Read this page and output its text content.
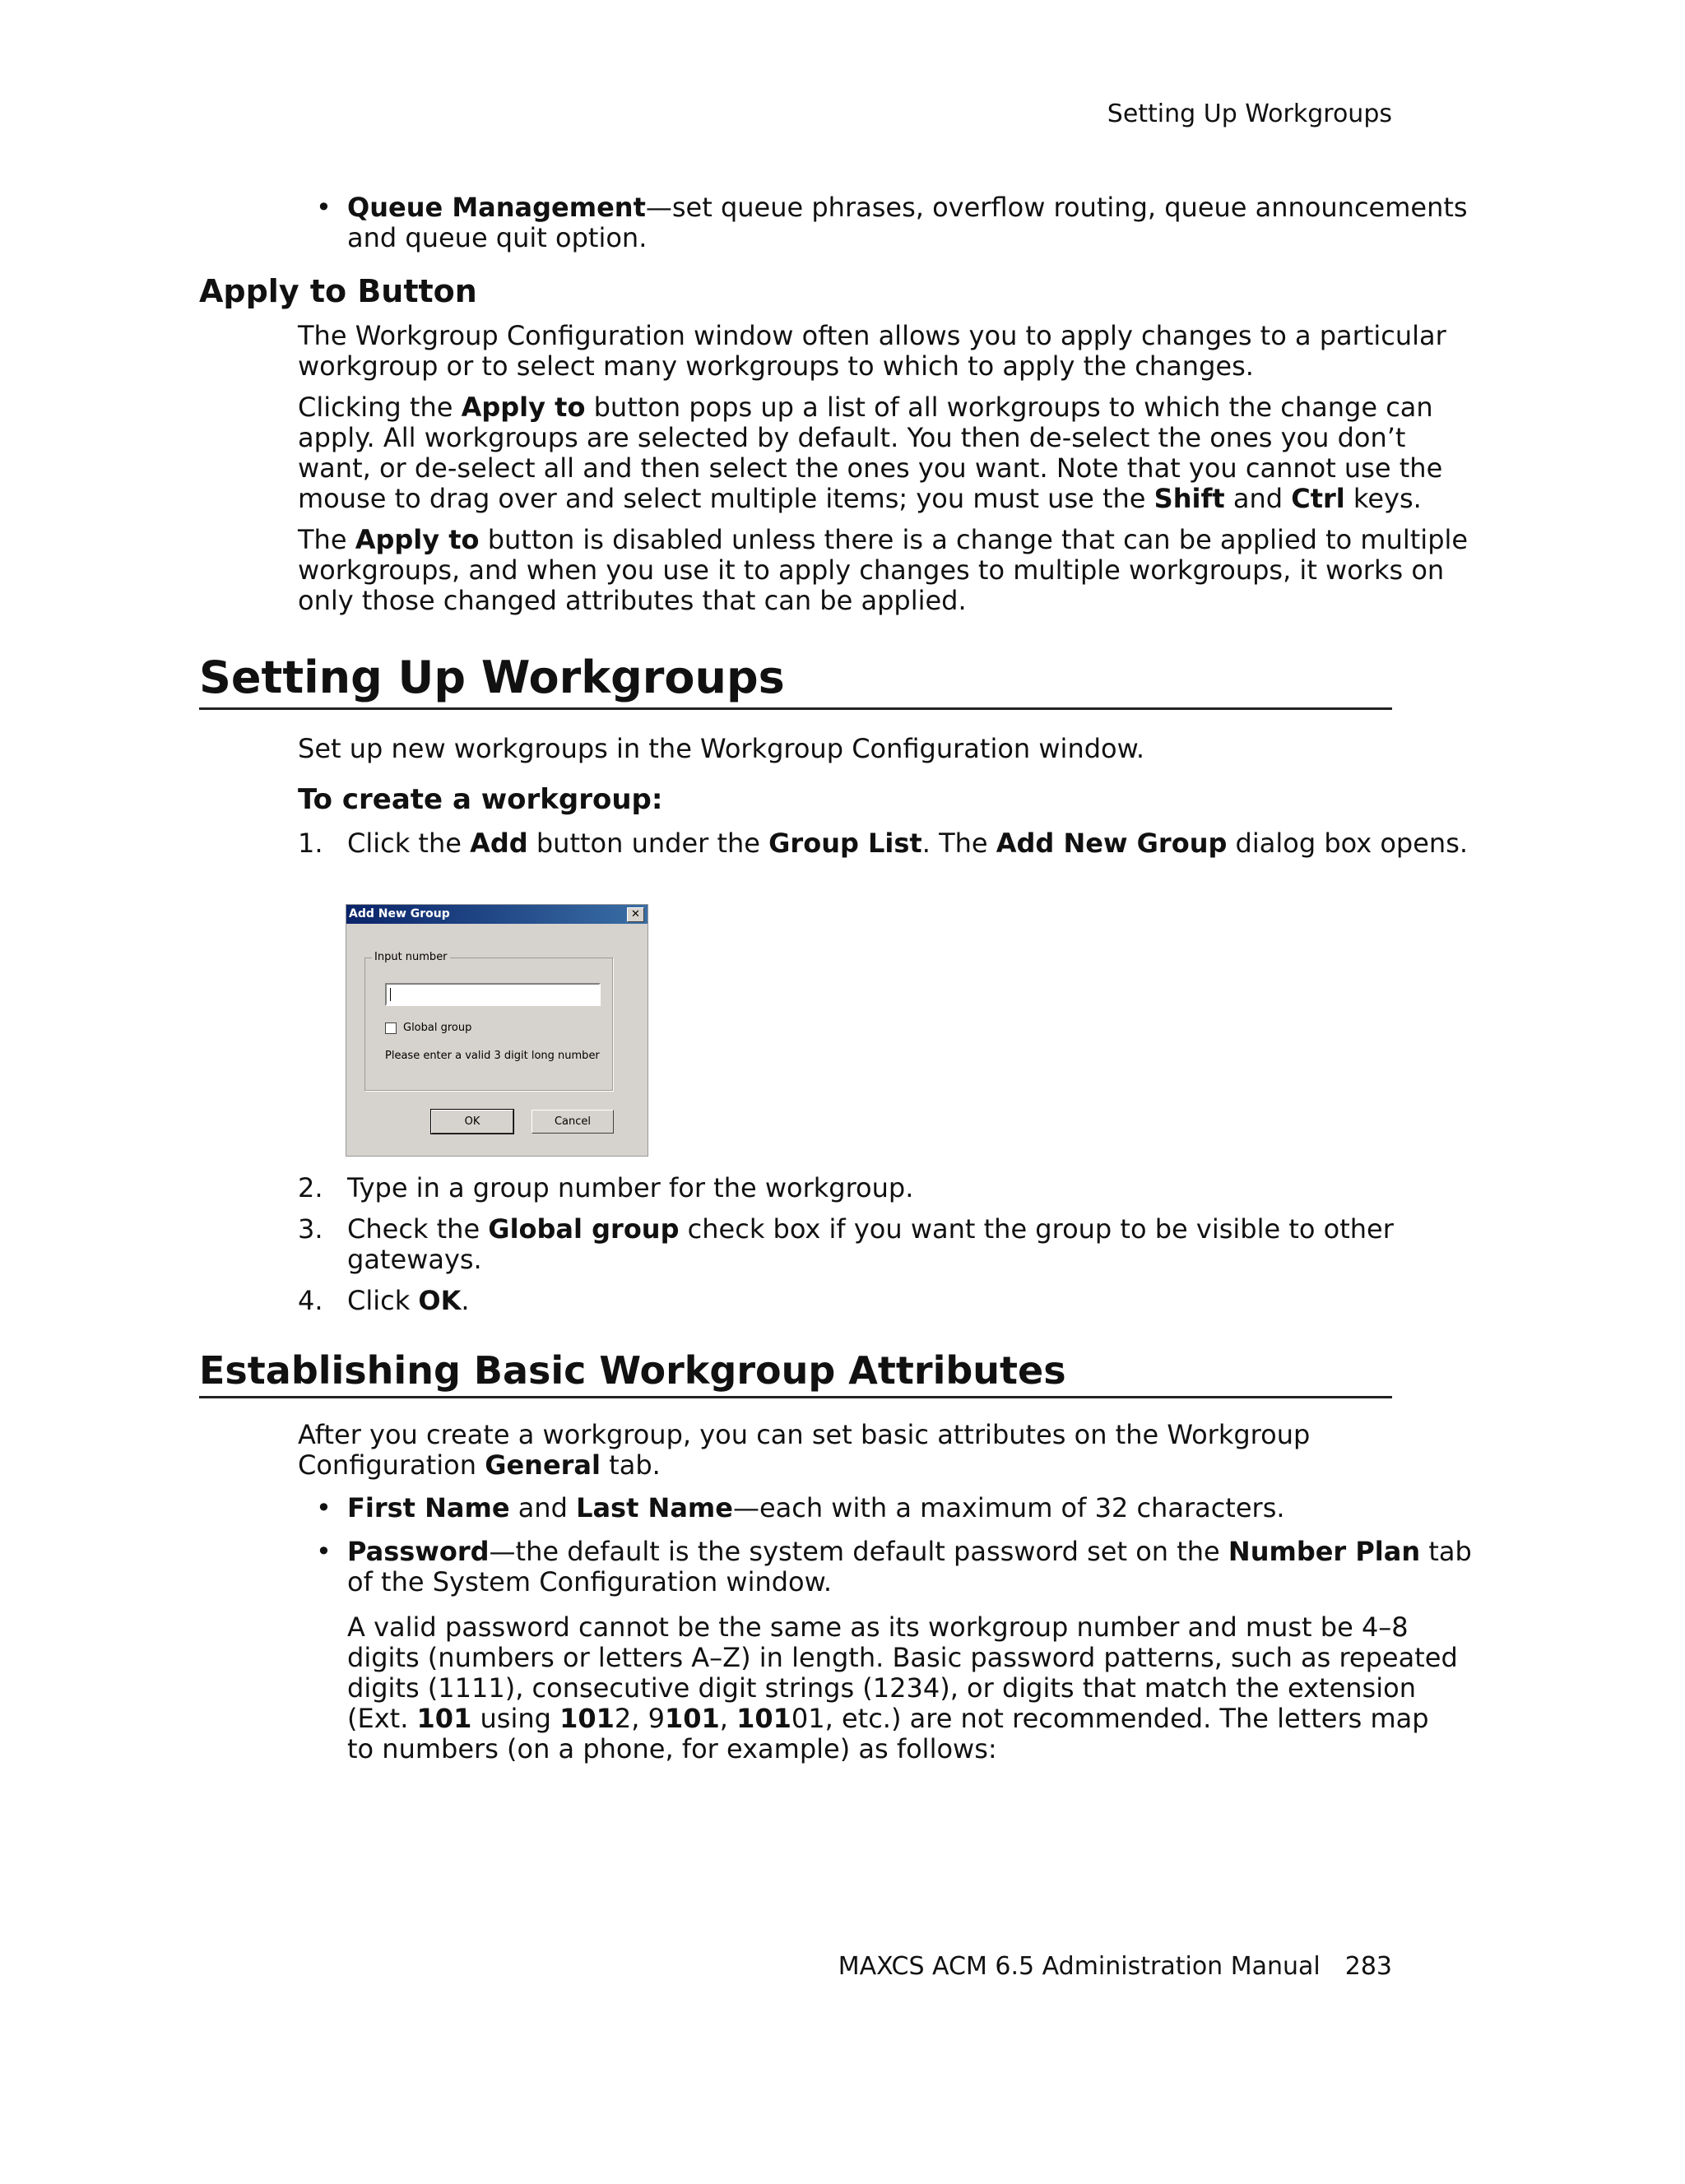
Setting Up Workgroups
• Queue Management—set queue phrases, overflow routing, queue announcements

and queue quit option.

Apply to Button

The Workgroup Configuration window often allows you to apply changes to a particular

workgroup or to select many workgroups to which to apply the changes.

Clicking the Apply to button pops up a list of all workgroups to which the change can

apply. All workgroups are selected by default. You then de-select the ones you don’t

want, or de-select all and then select the ones you want. Note that you cannot use the

mouse to drag over and select multiple items; you must use the Shift and Ctrl keys.

The Apply to button is disabled unless there is a change that can be applied to multiple

workgroups, and when you use it to apply changes to multiple workgroups, it works on

only those changed attributes that can be applied.

Setting Up Workgroups
Set up new workgroups in the Workgroup Configuration window.
To create a workgroup:
1. Click the Add button under the Group List. The Add New Group dialog box opens.

Add New Group	✕
Input number
Global group
Please enter a valid 3 digit long number
OK	Cancel
2. Type in a group number for the workgroup.

3. Check the Global group check box if you want the group to be visible to other

gateways.

4. Click OK.

Establishing Basic Workgroup Attributes

After you create a workgroup, you can set basic attributes on the Workgroup

Configuration General tab.

• First Name and Last Name—each with a maximum of 32 characters.

• Password—the default is the system default password set on the Number Plan tab

of the System Configuration window.

A valid password cannot be the same as its workgroup number and must be 4–8

digits (numbers or letters A–Z) in length. Basic password patterns, such as repeated

digits (1111), consecutive digit strings (1234), or digits that match the extension

(Ext. 101 using 1012, 9101, 10101, etc.) are not recommended. The letters map

to numbers (on a phone, for example) as follows:

MAXCS ACM 6.5 Administration Manual 283
